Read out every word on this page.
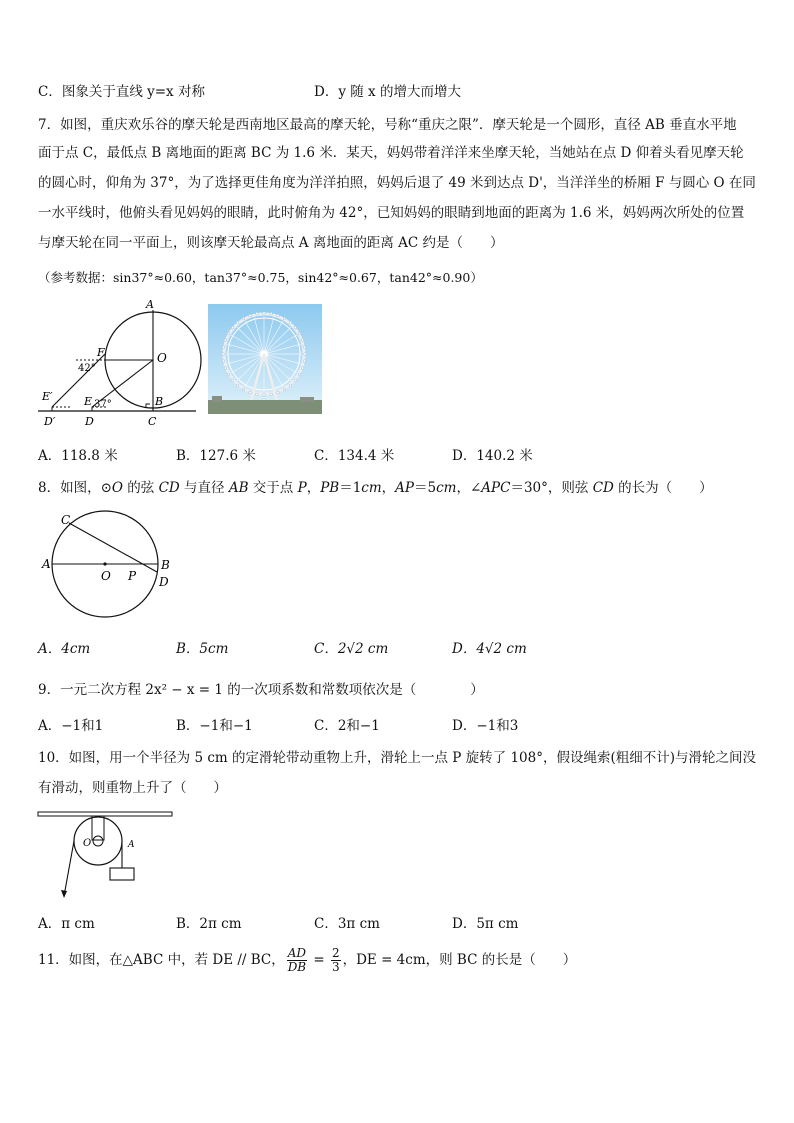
C．图象关于直线 y=x 对称	D．y 随 x 的增大而增大
7．如图，重庆欢乐谷的摩天轮是西南地区最高的摩天轮，号称“重庆之限”．摩天轮是一个圆形，直径 AB 垂直水平地
面于点 C，最低点 B 离地面的距离 BC 为 1.6 米．某天，妈妈带着洋洋来坐摩天轮，当她站在点 D 仰着头看见摩天轮
的圆心时，仰角为 37°，为了选择更佳角度为洋洋拍照，妈妈后退了 49 米到达点 D'，当洋洋坐的桥厢 F 与圆心 O 在同
一水平线时，他俯头看见妈妈的眼睛，此时俯角为 42°，已知妈妈的眼睛到地面的距离为 1.6 米，妈妈两次所处的位置
与摩天轮在同一平面上，则该摩天轮最高点 A 离地面的距离 AC 约是（　　）
（参考数据：sin37°≈0.60，tan37°≈0.75，sin42°≈0.67，tan42°≈0.90）
A
F	O
42°
E′	E 37°	B
D′	D	C
A．118.8 米	B．127.6 米	C．134.4 米	D．140.2 米
8．如图，⊙O 的弦 CD 与直径 AB 交于点 P，PB＝1cm，AP＝5cm，∠APC＝30°，则弦 CD 的长为（　　）
C
A
O P
B
D
A．4cm	B．5cm	C．2√2 cm	D．4√2 cm
9．一元二次方程 2x² − x = 1 的一次项系数和常数项依次是（　　　　）
A．−1和1	B．−1和−1	C．2和−1	D．−1和3
10．如图，用一个半径为 5 cm 的定滑轮带动重物上升，滑轮上一点 P 旋转了 108°，假设绳索(粗细不计)与滑轮之间没
有滑动，则重物上升了（　　）
O	A
A．π cm	B．2π cm	C．3π cm	D．5π cm
11．如图，在△ABC 中，若 DE // BC， $\frac{AD}{DB} = \frac{2}{3}$ ，DE = 4cm，则 BC 的长是（　　）
